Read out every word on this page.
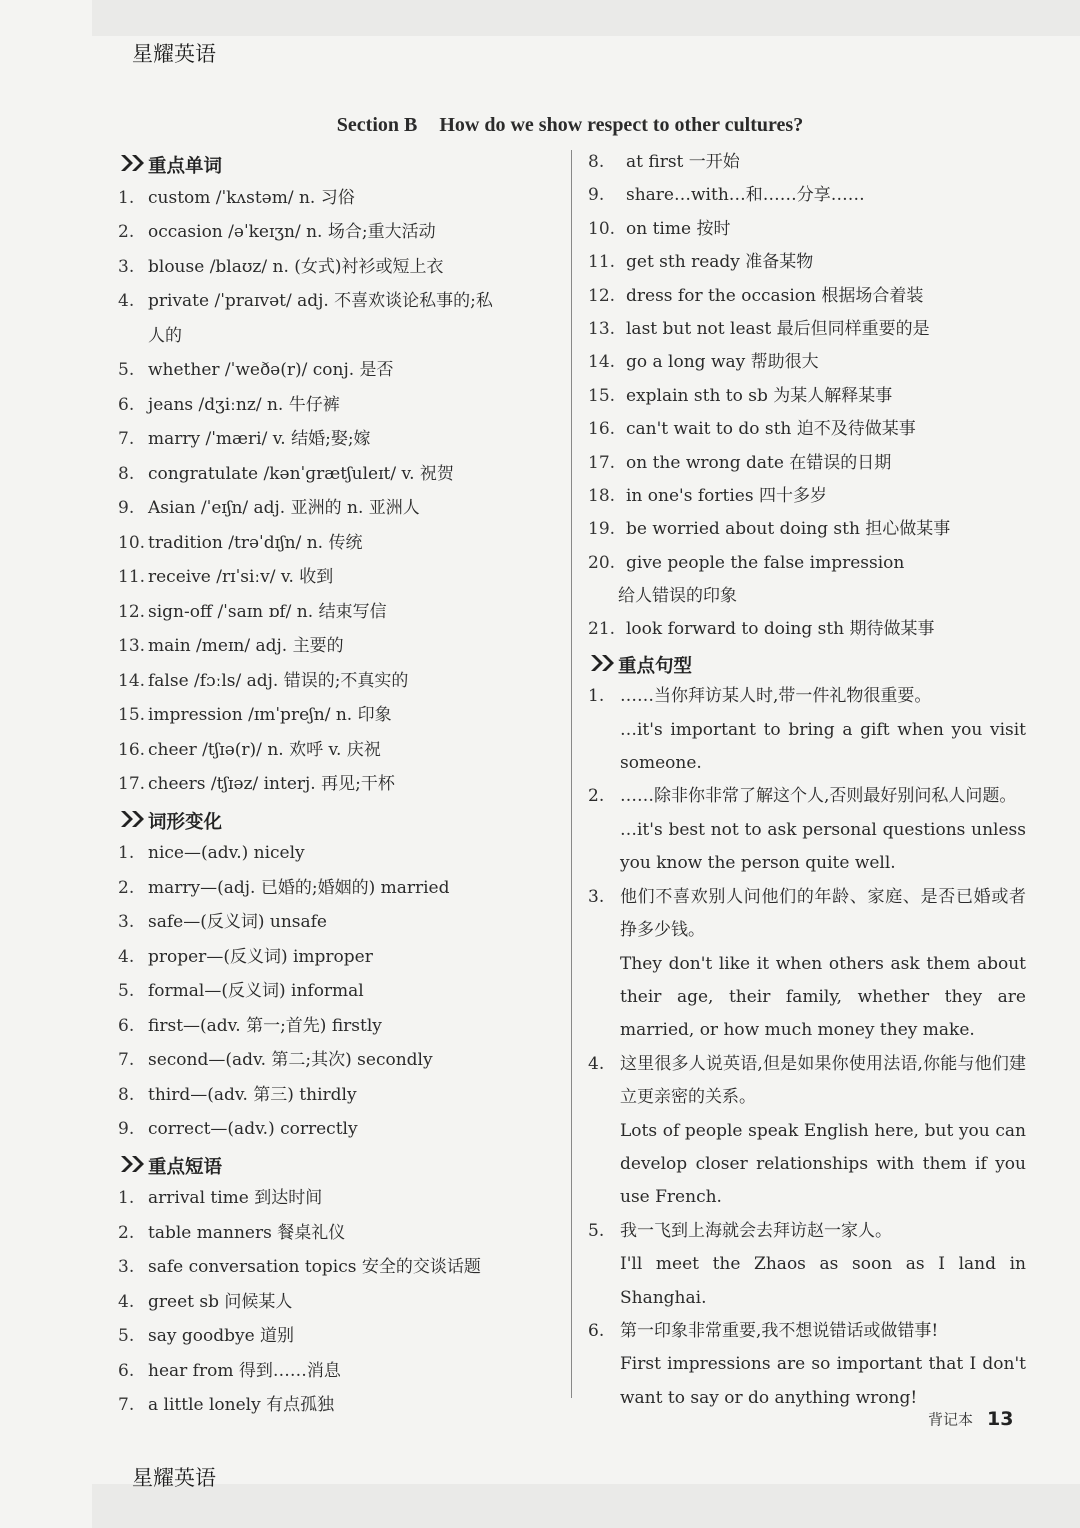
星耀英语
星耀英语
Section B How do we show respect to other cultures?
重点单词
1. custom /ˈkʌstəm/ n. 习俗
2. occasion /əˈkeɪʒn/ n. 场合;重大活动
3. blouse /blaʊz/ n. (女式)衬衫或短上衣
4. private /ˈpraɪvət/ adj. 不喜欢谈论私事的;私
人的
5. whether /ˈweðə(r)/ conj. 是否
6. jeans /dʒiːnz/ n. 牛仔裤
7. marry /ˈmæri/ v. 结婚;娶;嫁
8. congratulate /kənˈɡrætʃuleɪt/ v. 祝贺
9. Asian /ˈeɪʃn/ adj. 亚洲的 n. 亚洲人
10. tradition /trəˈdɪʃn/ n. 传统
11. receive /rɪˈsiːv/ v. 收到
12. sign-off /ˈsaɪn ɒf/ n. 结束写信
13. main /meɪn/ adj. 主要的
14. false /fɔːls/ adj. 错误的;不真实的
15. impression /ɪmˈpreʃn/ n. 印象
16. cheer /tʃɪə(r)/ n. 欢呼 v. 庆祝
17. cheers /tʃɪəz/ interj. 再见;干杯
词形变化
1. nice—(adv.) nicely
2. marry—(adj. 已婚的;婚姻的) married
3. safe—(反义词) unsafe
4. proper—(反义词) improper
5. formal—(反义词) informal
6. first—(adv. 第一;首先) firstly
7. second—(adv. 第二;其次) secondly
8. third—(adv. 第三) thirdly
9. correct—(adv.) correctly
重点短语
1. arrival time 到达时间
2. table manners 餐桌礼仪
3. safe conversation topics 安全的交谈话题
4. greet sb 问候某人
5. say goodbye 道别
6. hear from 得到……消息
7. a little lonely 有点孤独
8. at first 一开始
9. share…with…和……分享……
10. on time 按时
11. get sth ready 准备某物
12. dress for the occasion 根据场合着装
13. last but not least 最后但同样重要的是
14. go a long way 帮助很大
15. explain sth to sb 为某人解释某事
16. can't wait to do sth 迫不及待做某事
17. on the wrong date 在错误的日期
18. in one's forties 四十多岁
19. be worried about doing sth 担心做某事
20. give people the false impression
给人错误的印象
21. look forward to doing sth 期待做某事
重点句型
1. ……当你拜访某人时,带一件礼物很重要。
…it's important to bring a gift when you visit someone.
2. ……除非你非常了解这个人,否则最好别问私人问题。
…it's best not to ask personal questions unless you know the person quite well.
3. 他们不喜欢别人问他们的年龄、家庭、是否已婚或者挣多少钱。
They don't like it when others ask them about their age, their family, whether they are married, or how much money they make.
4. 这里很多人说英语,但是如果你使用法语,你能与他们建立更亲密的关系。
Lots of people speak English here, but you can develop closer relationships with them if you use French.
5. 我一飞到上海就会去拜访赵一家人。
I'll meet the Zhaos as soon as I land in Shanghai.
6. 第一印象非常重要,我不想说错话或做错事!
First impressions are so important that I don't want to say or do anything wrong!
背记本 13
